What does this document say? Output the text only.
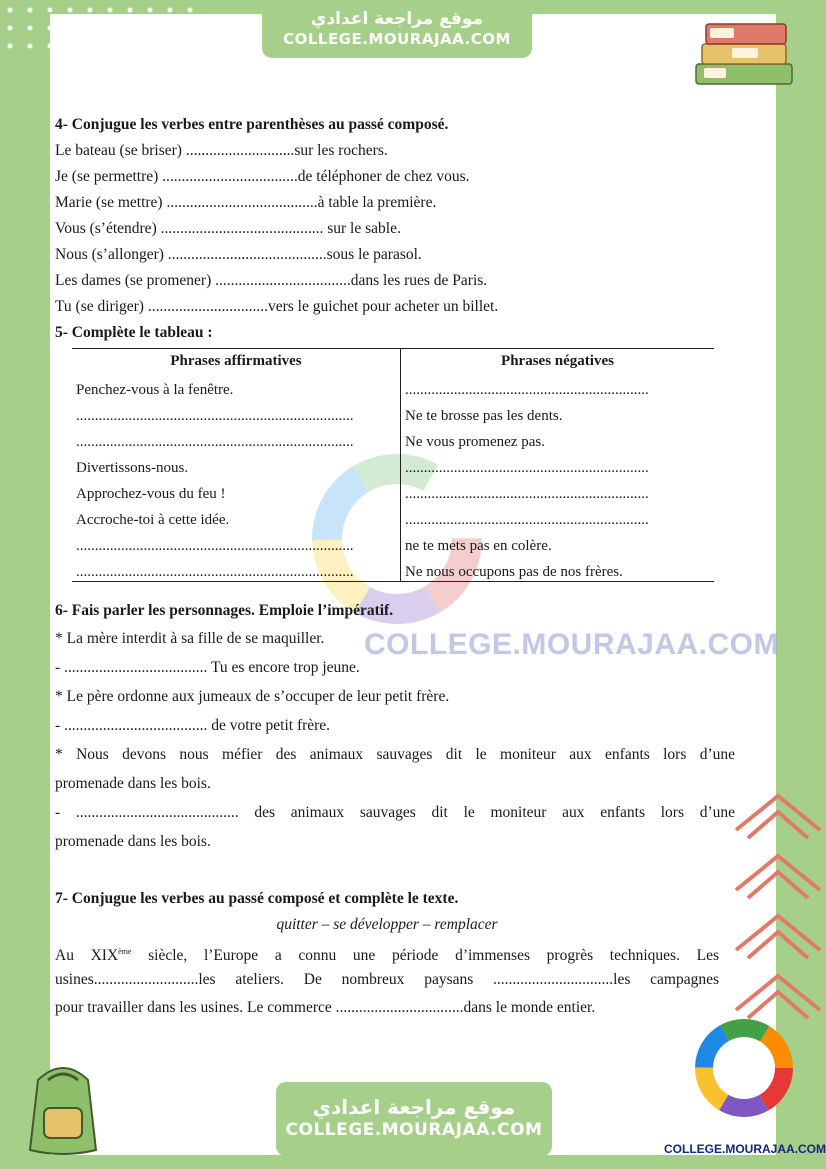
موقع مراجعة اعدادي
COLLEGE.MOURAJAA.COM
4- Conjugue les verbes entre parenthèses au passé composé.
Le bateau (se briser) ............................sur les rochers.
Je (se permettre) ...................................de téléphoner de chez vous.
Marie (se mettre) .......................................à table la première.
Vous (s’étendre) .......................................... sur le sable.
Nous (s’allonger) .........................................sous le parasol.
Les dames (se promener) ...................................dans les rues de Paris.
Tu (se diriger) ...............................vers le guichet pour acheter un billet.
5- Complète le tableau :
Phrases affirmatives	Phrases négatives
Penchez-vous à la fenêtre.	.................................................................
..........................................................................	Ne te brosse pas les dents.
..........................................................................	Ne vous promenez pas.
Divertissons-nous.	.................................................................
Approchez-vous du feu !	.................................................................
Accroche-toi à cette idée.	.................................................................
..........................................................................	ne te mets pas en colère.
..........................................................................	Ne nous occupons pas de nos frères.
6- Fais parler les personnages. Emploie l’impératif.
* La mère interdit à sa fille de se maquiller.
- ..................................... Tu es encore trop jeune.
* Le père ordonne aux jumeaux de s’occuper de leur petit frère.
- ..................................... de votre petit frère.
* Nous devons nous méfier des animaux sauvages dit le moniteur aux enfants lors d’une
promenade dans les bois.
- .......................................... des animaux sauvages dit le moniteur aux enfants lors d’une
promenade dans les bois.
COLLEGE.MOURAJAA.COM
7- Conjugue les verbes au passé composé et complète le texte.
quitter – se développer – remplacer
Au XIXème siècle, l’Europe a connu une période d’immenses progrès techniques. Les
usines...........................les ateliers. De nombreux paysans ...............................les campagnes
pour travailler dans les usines. Le commerce .................................dans le monde entier.
موقع مراجعة اعدادي
COLLEGE.MOURAJAA.COM
COLLEGE.MOURAJAA.COM
